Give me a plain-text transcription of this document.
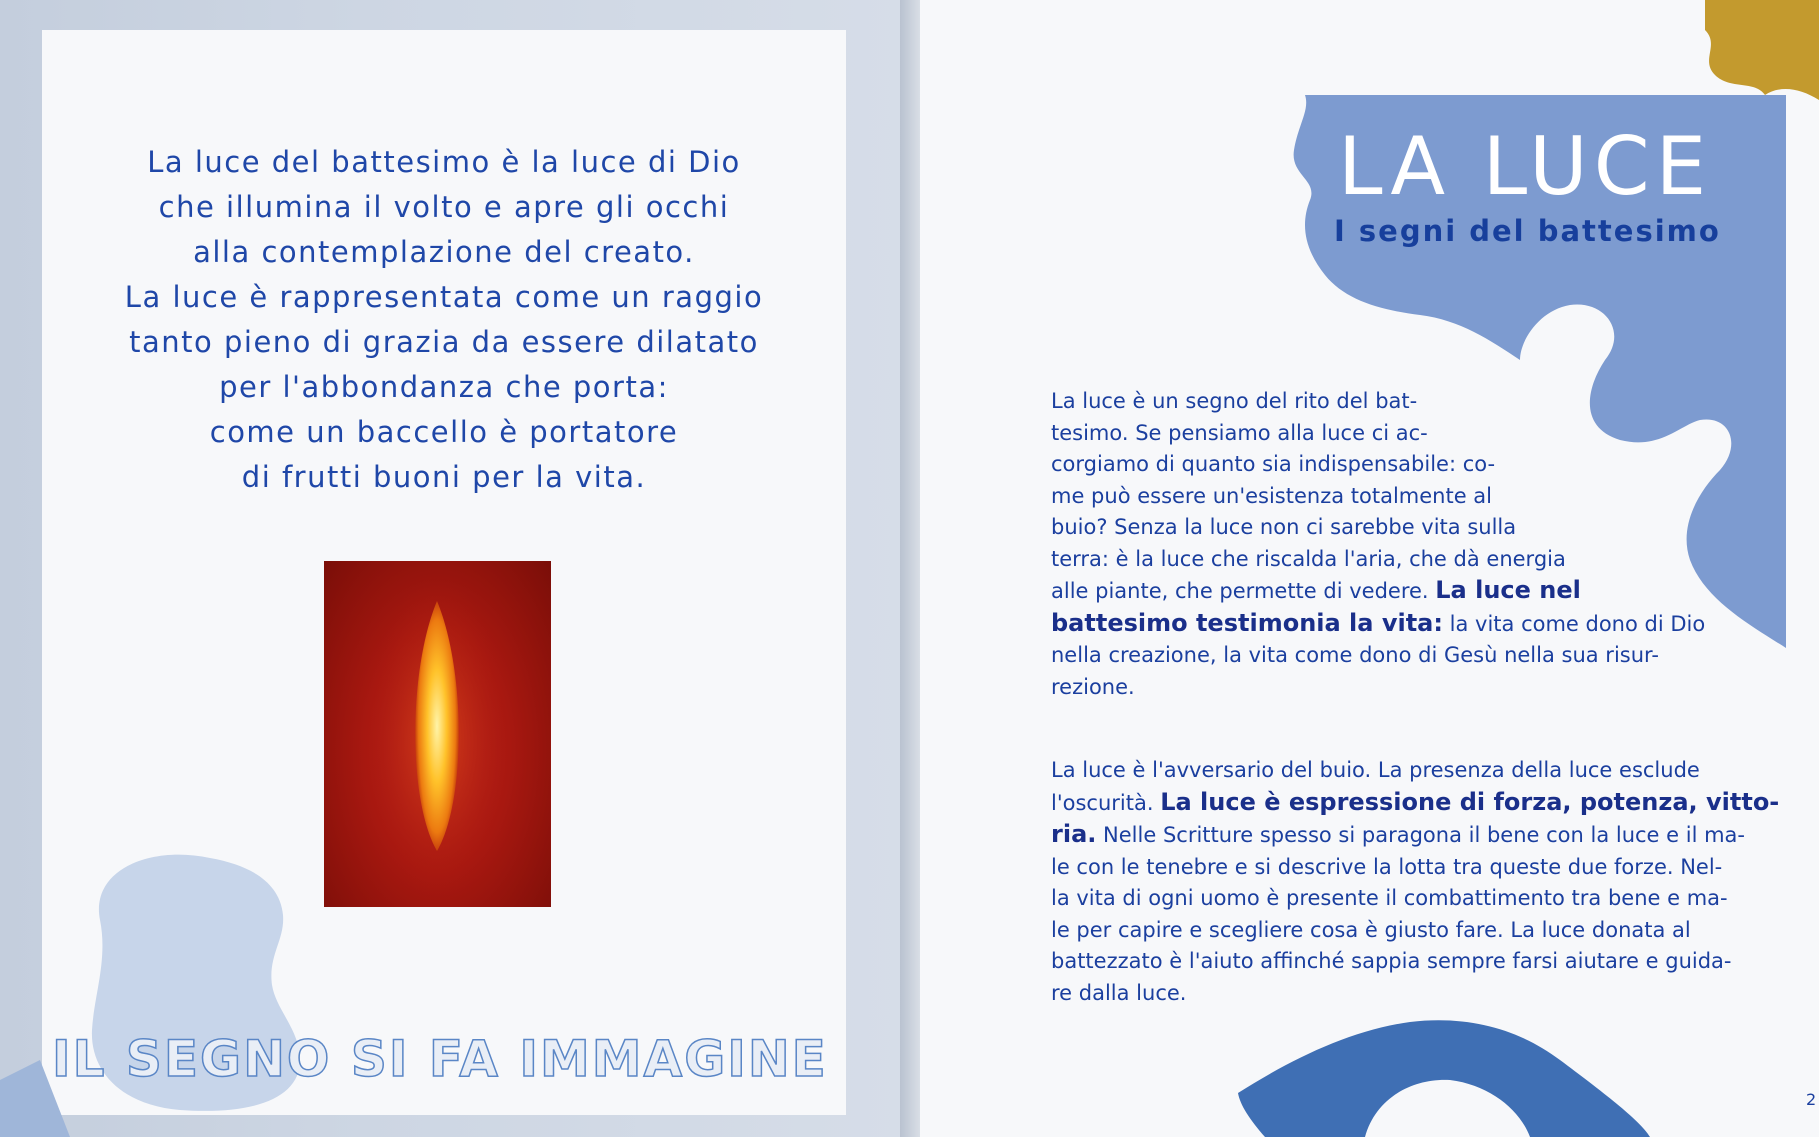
La luce del battesimo è la luce di Dio

che illumina il volto e apre gli occhi

alla contemplazione del creato.

La luce è rappresentata come un raggio

tanto pieno di grazia da essere dilatato

per l'abbondanza che porta:

come un baccello è portatore

di frutti buoni per la vita.

IL SEGNO SI FA IMMAGINE
LA LUCE
I segni del battesimo
La luce è un segno del rito del bat-
tesimo. Se pensiamo alla luce ci ac-
corgiamo di quanto sia indispensabile: co-
me può essere un'esistenza totalmente al
buio? Senza la luce non ci sarebbe vita sulla
terra: è la luce che riscalda l'aria, che dà energia
alle piante, che permette di vedere. La luce nel
battesimo testimonia la vita: la vita come dono di Dio
nella creazione, la vita come dono di Gesù nella sua risur-
rezione.
La luce è l'avversario del buio. La presenza della luce esclude
l'oscurità. La luce è espressione di forza, potenza, vitto-
ria. Nelle Scritture spesso si paragona il bene con la luce e il ma-
le con le tenebre e si descrive la lotta tra queste due forze. Nel-
la vita di ogni uomo è presente il combattimento tra bene e ma-
le per capire e scegliere cosa è giusto fare. La luce donata al
battezzato è l'aiuto affinché sappia sempre farsi aiutare e guida-
re dalla luce.
2
